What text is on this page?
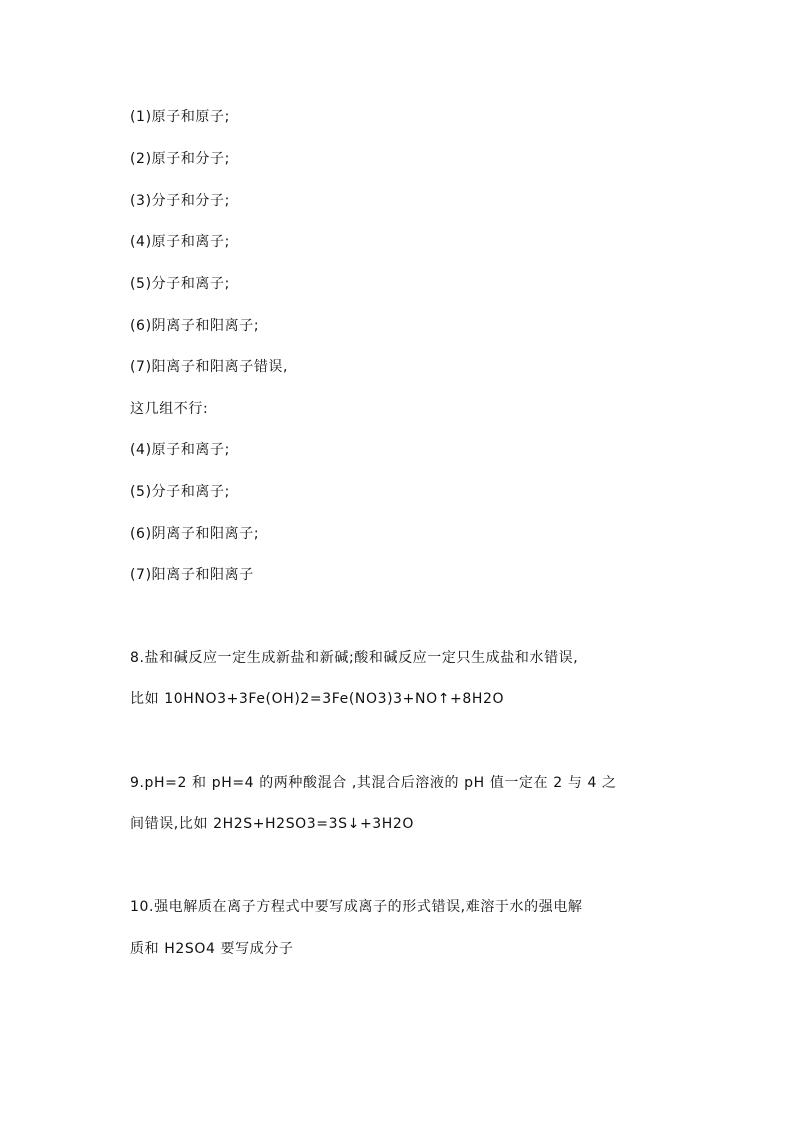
(1)原子和原子;
(2)原子和分子;
(3)分子和分子;
(4)原子和离子;
(5)分子和离子;
(6)阴离子和阳离子;
(7)阳离子和阳离子错误,
这几组不行:
(4)原子和离子;
(5)分子和离子;
(6)阴离子和阳离子;
(7)阳离子和阳离子
8.盐和碱反应一定生成新盐和新碱;酸和碱反应一定只生成盐和水错误,
比如 10HNO3+3Fe(OH)2=3Fe(NO3)3+NO↑+8H2O
9.pH=2 和 pH=4 的两种酸混合 ,其混合后溶液的 pH 值一定在 2 与 4 之
间错误,比如 2H2S+H2SO3=3S↓+3H2O
10.强电解质在离子方程式中要写成离子的形式错误,难溶于水的强电解
质和 H2SO4 要写成分子
